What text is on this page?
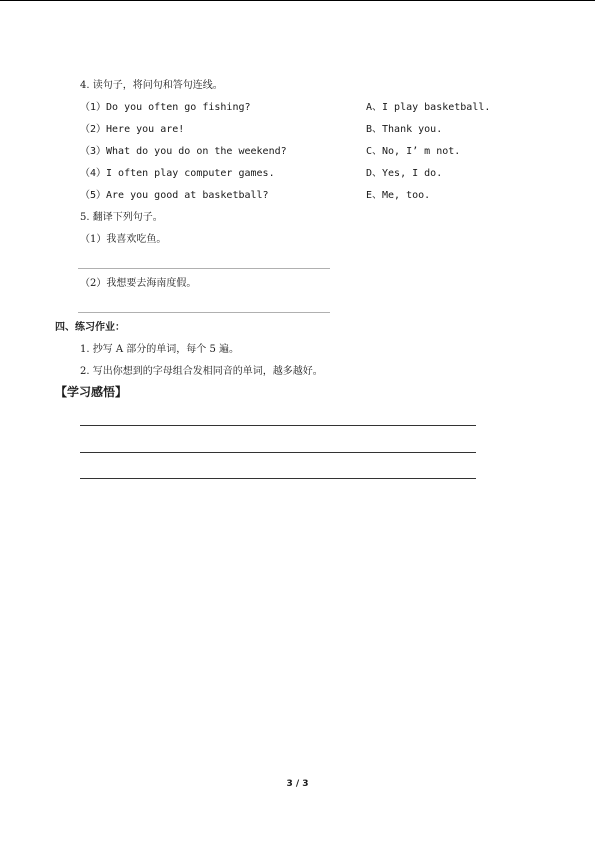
4. 读句子，将问句和答句连线。
（1）Do you often go fishing?
（2）Here you are!
（3）What do you do on the weekend?
（4）I often play computer games.
（5）Are you good at basketball?
A、I play basketball.
B、Thank you.
C、No, I’ m not.
D、Yes, I do.
E、Me, too.
5. 翻译下列句子。
（1）我喜欢吃鱼。
（2）我想要去海南度假。
四、练习作业：
1. 抄写 A 部分的单词，每个 5 遍。
2. 写出你想到的字母组合发相同音的单词，越多越好。
【学习感悟】
3 / 3
